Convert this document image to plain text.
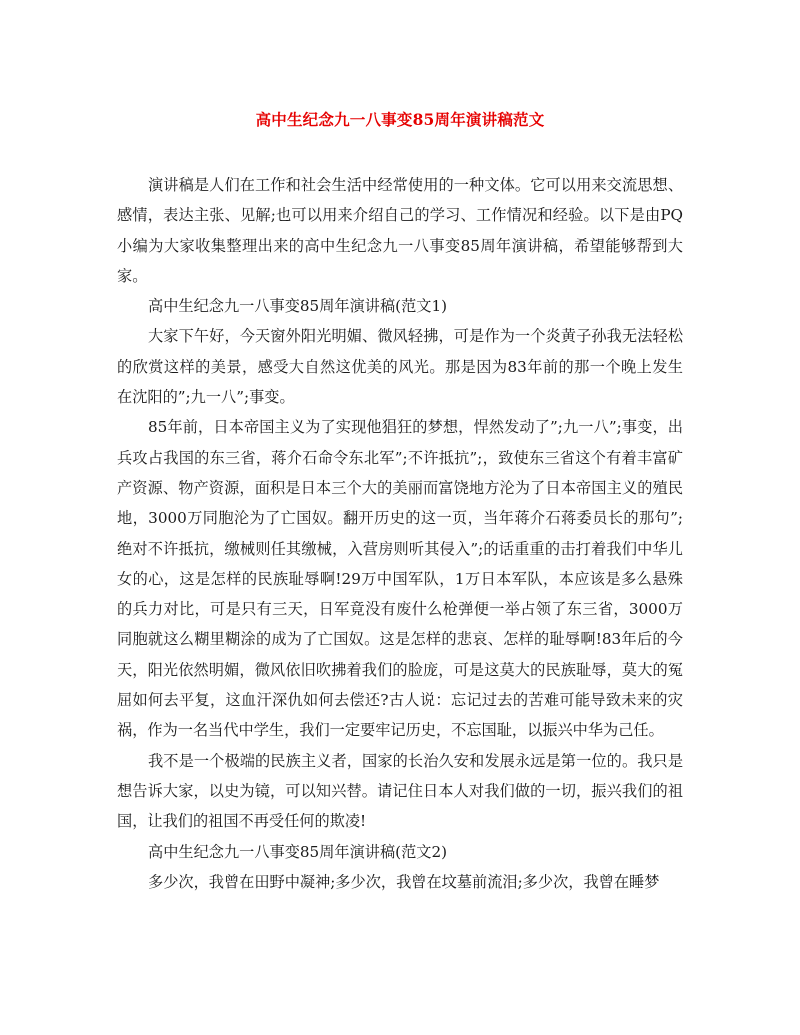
高中生纪念九一八事变85周年演讲稿范文

演讲稿是人们在工作和社会生活中经常使用的一种文体。它可以用来交流思想、感情，表达主张、见解;也可以用来介绍自己的学习、工作情况和经验。以下是由PQ小编为大家收集整理出来的高中生纪念九一八事变85周年演讲稿，希望能够帮到大家。

高中生纪念九一八事变85周年演讲稿(范文1)

大家下午好，今天窗外阳光明媚、微风轻拂，可是作为一个炎黄子孙我无法轻松的欣赏这样的美景，感受大自然这优美的风光。那是因为83年前的那一个晚上发生在沈阳的”;九一八”;事变。

85年前，日本帝国主义为了实现他猖狂的梦想，悍然发动了”;九一八”;事变，出兵攻占我国的东三省，蒋介石命令东北军”;不许抵抗”;，致使东三省这个有着丰富矿产资源、物产资源，面积是日本三个大的美丽而富饶地方沦为了日本帝国主义的殖民地，3000万同胞沦为了亡国奴。翻开历史的这一页，当年蒋介石蒋委员长的那句”;绝对不许抵抗，缴械则任其缴械，入营房则听其侵入”;的话重重的击打着我们中华儿女的心，这是怎样的民族耻辱啊!29万中国军队，1万日本军队，本应该是多么悬殊的兵力对比，可是只有三天，日军竟没有废什么枪弹便一举占领了东三省，3000万同胞就这么糊里糊涂的成为了亡国奴。这是怎样的悲哀、怎样的耻辱啊!83年后的今天，阳光依然明媚，微风依旧吹拂着我们的脸庞，可是这莫大的民族耻辱，莫大的冤屈如何去平复，这血汗深仇如何去偿还?古人说：忘记过去的苦难可能导致未来的灾祸，作为一名当代中学生，我们一定要牢记历史，不忘国耻，以振兴中华为己任。

我不是一个极端的民族主义者，国家的长治久安和发展永远是第一位的。我只是想告诉大家，以史为镜，可以知兴替。请记住日本人对我们做的一切，振兴我们的祖国，让我们的祖国不再受任何的欺凌!

高中生纪念九一八事变85周年演讲稿(范文2)

多少次，我曾在田野中凝神;多少次，我曾在坟墓前流泪;多少次，我曾在睡梦
